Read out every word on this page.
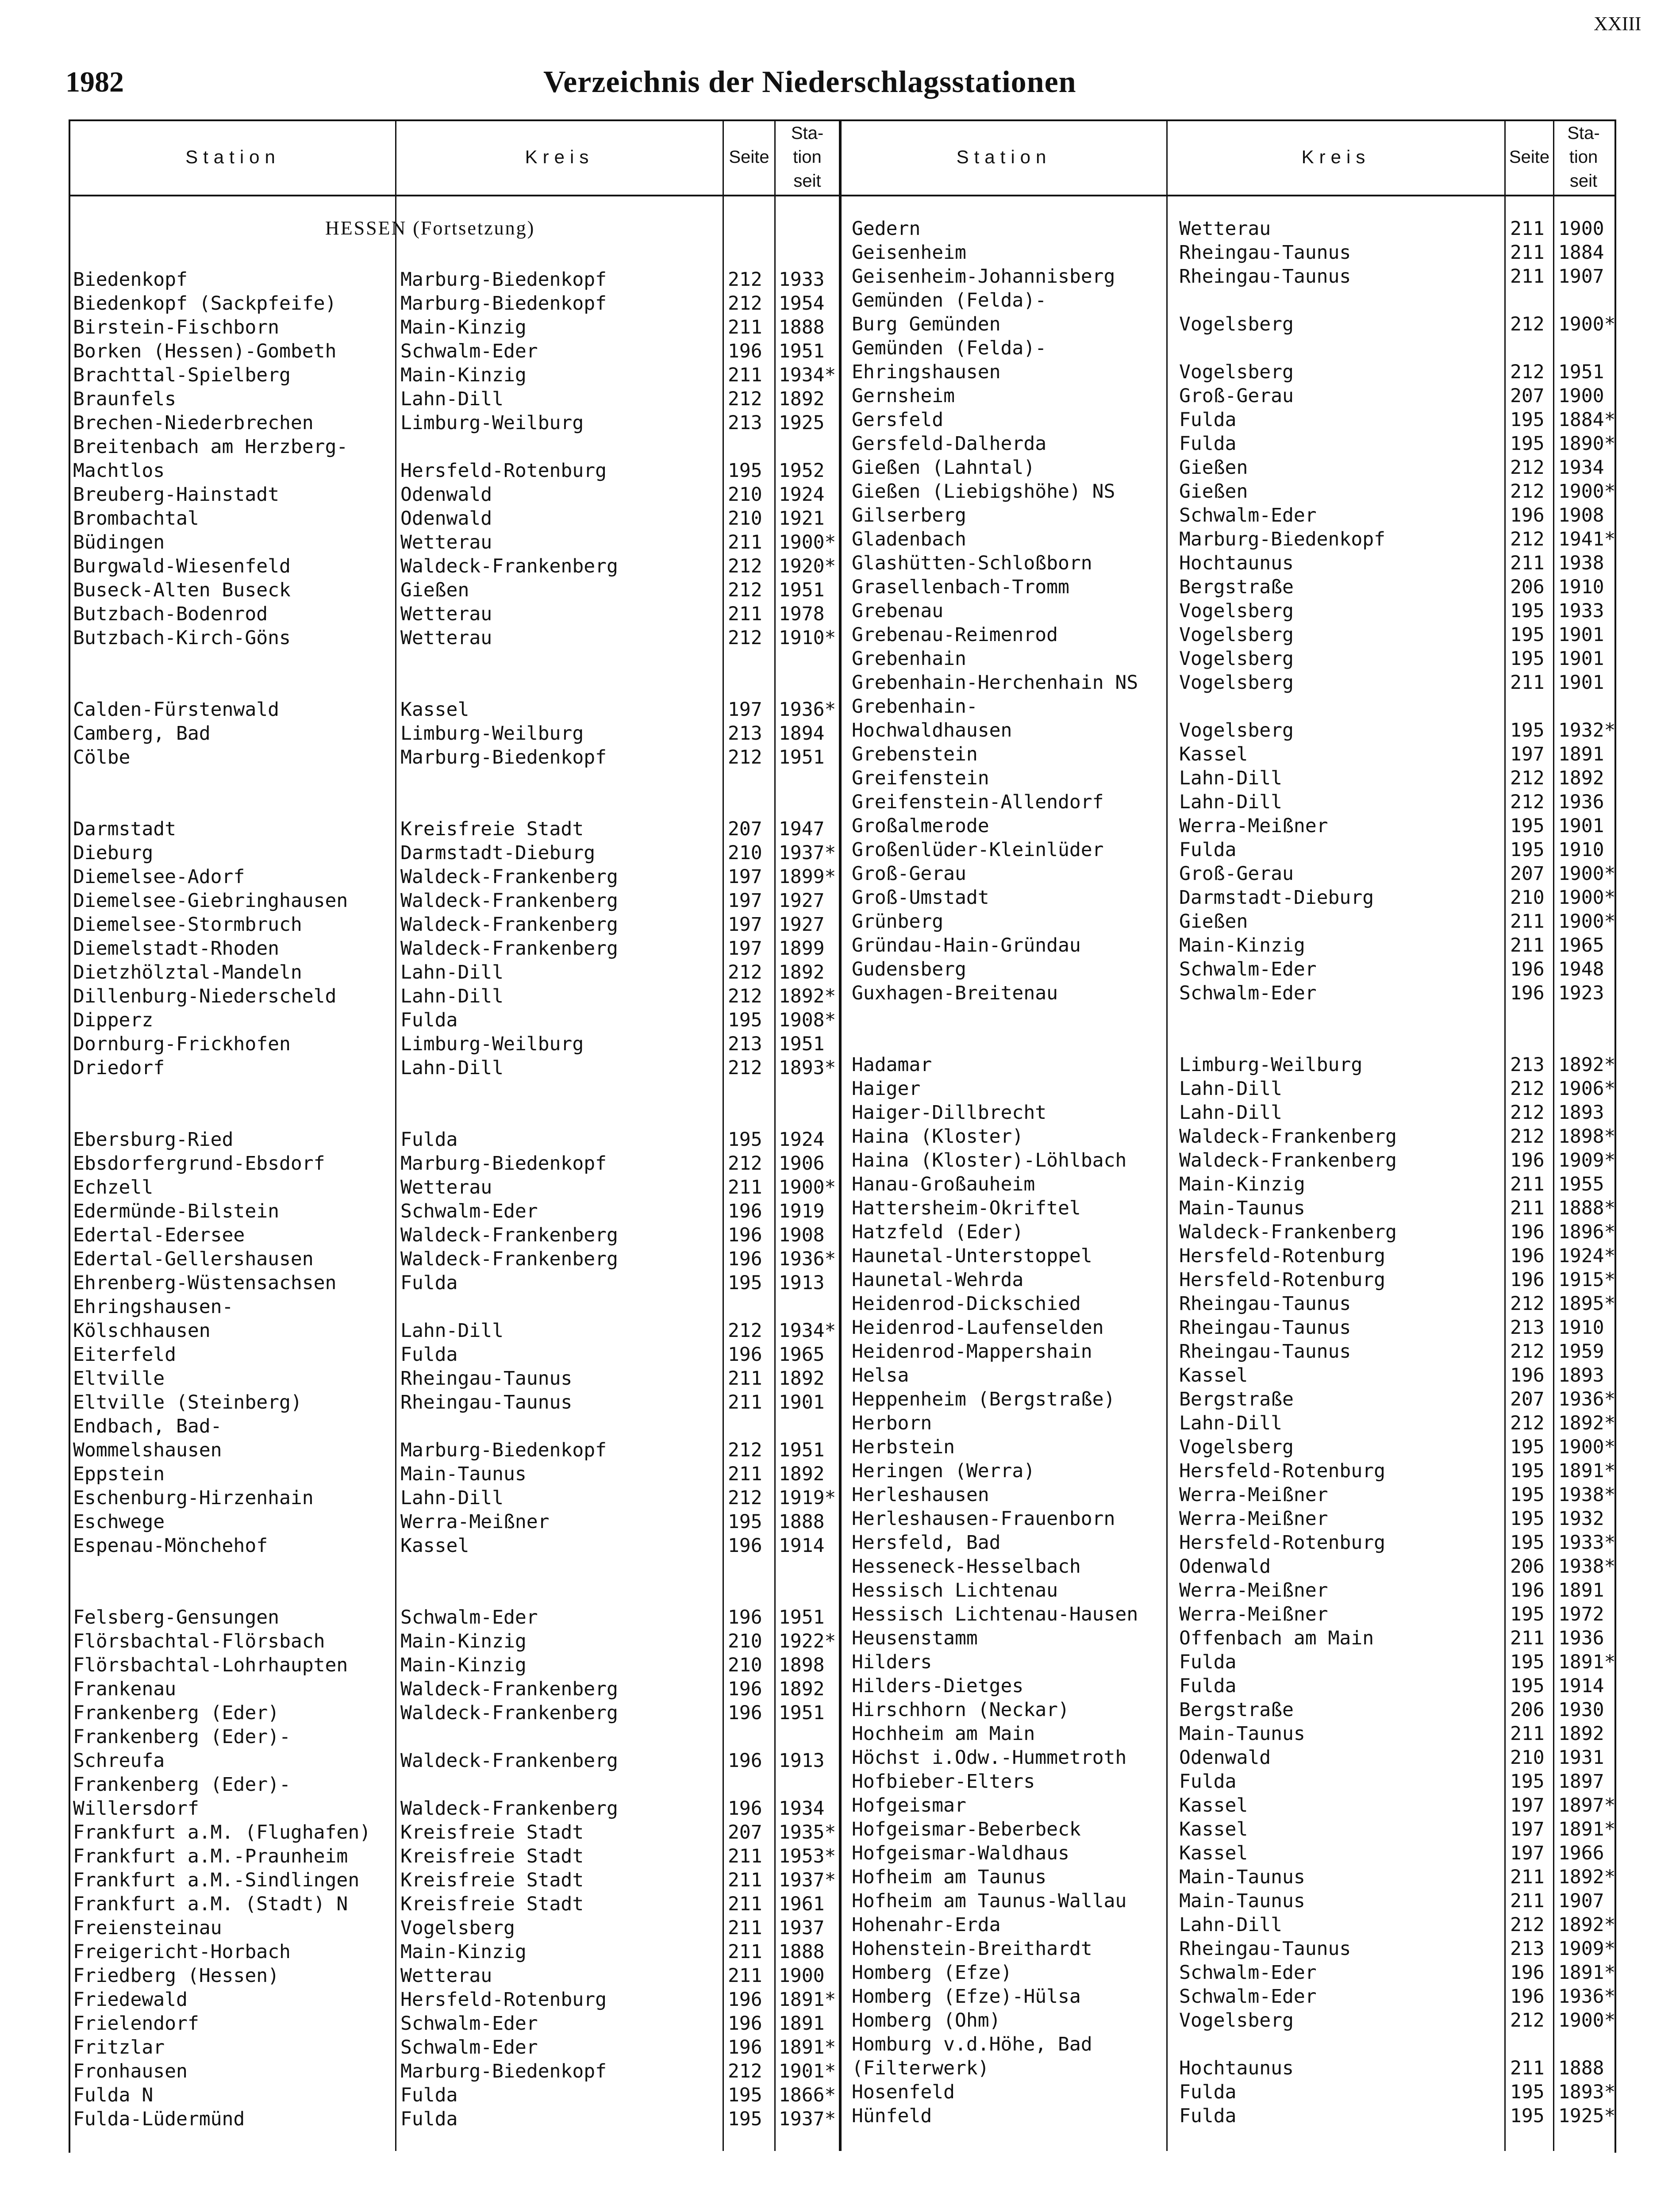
XXIII
1982	Verzeichnis der Niederschlagsstationen
Station	Kreis	Seite
Sta-
tion
seit
Station	Kreis	Seite
Sta-
tion
seit
HESSEN (Fortsetzung)
Biedenkopf	Marburg-Biedenkopf	212 1933
Biedenkopf (Sackpfeife)	Marburg-Biedenkopf	212 1954
Birstein-Fischborn	Main-Kinzig	211 1888
Borken (Hessen)-Gombeth	Schwalm-Eder	196 1951
Brachttal-Spielberg	Main-Kinzig	211 1934*
Braunfels	Lahn-Dill	212 1892
Brechen-Niederbrechen	Limburg-Weilburg	213 1925
Breitenbach am Herzberg-
Machtlos	Hersfeld-Rotenburg	195 1952
Breuberg-Hainstadt	Odenwald	210 1924
Brombachtal	Odenwald	210 1921
Büdingen	Wetterau	211 1900*
Burgwald-Wiesenfeld	Waldeck-Frankenberg	212 1920*
Buseck-Alten Buseck	Gießen	212 1951
Butzbach-Bodenrod	Wetterau	211 1978
Butzbach-Kirch-Göns	Wetterau	212 1910*
Calden-Fürstenwald	Kassel	197 1936*
Camberg, Bad	Limburg-Weilburg	213 1894
Cölbe	Marburg-Biedenkopf	212 1951
Darmstadt	Kreisfreie Stadt	207 1947
Dieburg	Darmstadt-Dieburg	210 1937*
Diemelsee-Adorf	Waldeck-Frankenberg	197 1899*
Diemelsee-Giebringhausen	Waldeck-Frankenberg	197 1927
Diemelsee-Stormbruch	Waldeck-Frankenberg	197 1927
Diemelstadt-Rhoden	Waldeck-Frankenberg	197 1899
Dietzhölztal-Mandeln	Lahn-Dill	212 1892
Dillenburg-Niederscheld	Lahn-Dill	212 1892*
Dipperz	Fulda	195 1908*
Dornburg-Frickhofen	Limburg-Weilburg	213 1951
Driedorf	Lahn-Dill	212 1893*
Ebersburg-Ried	Fulda	195 1924
Ebsdorfergrund-Ebsdorf	Marburg-Biedenkopf	212 1906
Echzell	Wetterau	211 1900*
Edermünde-Bilstein	Schwalm-Eder	196 1919
Edertal-Edersee	Waldeck-Frankenberg	196 1908
Edertal-Gellershausen	Waldeck-Frankenberg	196 1936*
Ehrenberg-Wüstensachsen	Fulda	195 1913
Ehringshausen-
Kölschhausen	Lahn-Dill	212 1934*
Eiterfeld	Fulda	196 1965
Eltville	Rheingau-Taunus	211 1892
Eltville (Steinberg)	Rheingau-Taunus	211 1901
Endbach, Bad-
Wommelshausen	Marburg-Biedenkopf	212 1951
Eppstein	Main-Taunus	211 1892
Eschenburg-Hirzenhain	Lahn-Dill	212 1919*
Eschwege	Werra-Meißner	195 1888
Espenau-Mönchehof	Kassel	196 1914
Felsberg-Gensungen	Schwalm-Eder	196 1951
Flörsbachtal-Flörsbach	Main-Kinzig	210 1922*
Flörsbachtal-Lohrhaupten	Main-Kinzig	210 1898
Frankenau	Waldeck-Frankenberg	196 1892
Frankenberg (Eder)	Waldeck-Frankenberg	196 1951
Frankenberg (Eder)-
Schreufa	Waldeck-Frankenberg	196 1913
Frankenberg (Eder)-
Willersdorf	Waldeck-Frankenberg	196 1934
Frankfurt a.M. (Flughafen) Kreisfreie Stadt	207 1935*
Frankfurt a.M.-Praunheim	Kreisfreie Stadt	211 1953*
Frankfurt a.M.-Sindlingen Kreisfreie Stadt	211 1937*
Frankfurt a.M. (Stadt) N	Kreisfreie Stadt	211 1961
Freiensteinau	Vogelsberg	211 1937
Freigericht-Horbach	Main-Kinzig	211 1888
Friedberg (Hessen)	Wetterau	211 1900
Friedewald	Hersfeld-Rotenburg	196 1891*
Frielendorf	Schwalm-Eder	196 1891
Fritzlar	Schwalm-Eder	196 1891*
Fronhausen	Marburg-Biedenkopf	212 1901*
Fulda N	Fulda	195 1866*
Fulda-Lüdermünd	Fulda	195 1937*
Gedern	Wetterau	211 1900
Geisenheim	Rheingau-Taunus	211 1884
Geisenheim-Johannisberg	Rheingau-Taunus	211 1907
Gemünden (Felda)-
Burg Gemünden	Vogelsberg	212 1900*
Gemünden (Felda)-
Ehringshausen	Vogelsberg	212 1951
Gernsheim	Groß-Gerau	207 1900
Gersfeld	Fulda	195 1884*
Gersfeld-Dalherda	Fulda	195 1890*
Gießen (Lahntal)	Gießen	212 1934
Gießen (Liebigshöhe) NS	Gießen	212 1900*
Gilserberg	Schwalm-Eder	196 1908
Gladenbach	Marburg-Biedenkopf	212 1941*
Glashütten-Schloßborn	Hochtaunus	211 1938
Grasellenbach-Tromm	Bergstraße	206 1910
Grebenau	Vogelsberg	195 1933
Grebenau-Reimenrod	Vogelsberg	195 1901
Grebenhain	Vogelsberg	195 1901
Grebenhain-Herchenhain NS Vogelsberg	211 1901
Grebenhain-
Hochwaldhausen	Vogelsberg	195 1932*
Grebenstein	Kassel	197 1891
Greifenstein	Lahn-Dill	212 1892
Greifenstein-Allendorf	Lahn-Dill	212 1936
Großalmerode	Werra-Meißner	195 1901
Großenlüder-Kleinlüder	Fulda	195 1910
Groß-Gerau	Groß-Gerau	207 1900*
Groß-Umstadt	Darmstadt-Dieburg	210 1900*
Grünberg	Gießen	211 1900*
Gründau-Hain-Gründau	Main-Kinzig	211 1965
Gudensberg	Schwalm-Eder	196 1948
Guxhagen-Breitenau	Schwalm-Eder	196 1923
Hadamar	Limburg-Weilburg	213 1892*
Haiger	Lahn-Dill	212 1906*
Haiger-Dillbrecht	Lahn-Dill	212 1893
Haina (Kloster)	Waldeck-Frankenberg	212 1898*
Haina (Kloster)-Löhlbach	Waldeck-Frankenberg	196 1909*
Hanau-Großauheim	Main-Kinzig	211 1955
Hattersheim-Okriftel	Main-Taunus	211 1888*
Hatzfeld (Eder)	Waldeck-Frankenberg	196 1896*
Haunetal-Unterstoppel	Hersfeld-Rotenburg	196 1924*
Haunetal-Wehrda	Hersfeld-Rotenburg	196 1915*
Heidenrod-Dickschied	Rheingau-Taunus	212 1895*
Heidenrod-Laufenselden	Rheingau-Taunus	213 1910
Heidenrod-Mappershain	Rheingau-Taunus	212 1959
Helsa	Kassel	196 1893
Heppenheim (Bergstraße)	Bergstraße	207 1936*
Herborn	Lahn-Dill	212 1892*
Herbstein	Vogelsberg	195 1900*
Heringen (Werra)	Hersfeld-Rotenburg	195 1891*
Herleshausen	Werra-Meißner	195 1938*
Herleshausen-Frauenborn	Werra-Meißner	195 1932
Hersfeld, Bad	Hersfeld-Rotenburg	195 1933*
Hesseneck-Hesselbach	Odenwald	206 1938*
Hessisch Lichtenau	Werra-Meißner	196 1891
Hessisch Lichtenau-Hausen Werra-Meißner	195 1972
Heusenstamm	Offenbach am Main	211 1936
Hilders	Fulda	195 1891*
Hilders-Dietges	Fulda	195 1914
Hirschhorn (Neckar)	Bergstraße	206 1930
Hochheim am Main	Main-Taunus	211 1892
Höchst i.Odw.-Hummetroth	Odenwald	210 1931
Hofbieber-Elters	Fulda	195 1897
Hofgeismar	Kassel	197 1897*
Hofgeismar-Beberbeck	Kassel	197 1891*
Hofgeismar-Waldhaus	Kassel	197 1966
Hofheim am Taunus	Main-Taunus	211 1892*
Hofheim am Taunus-Wallau	Main-Taunus	211 1907
Hohenahr-Erda	Lahn-Dill	212 1892*
Hohenstein-Breithardt	Rheingau-Taunus	213 1909*
Homberg (Efze)	Schwalm-Eder	196 1891*
Homberg (Efze)-Hülsa	Schwalm-Eder	196 1936*
Homberg (Ohm)	Vogelsberg	212 1900*
Homburg v.d.Höhe, Bad
(Filterwerk)	Hochtaunus	211 1888
Hosenfeld	Fulda	195 1893*
Hünfeld	Fulda	195 1925*
